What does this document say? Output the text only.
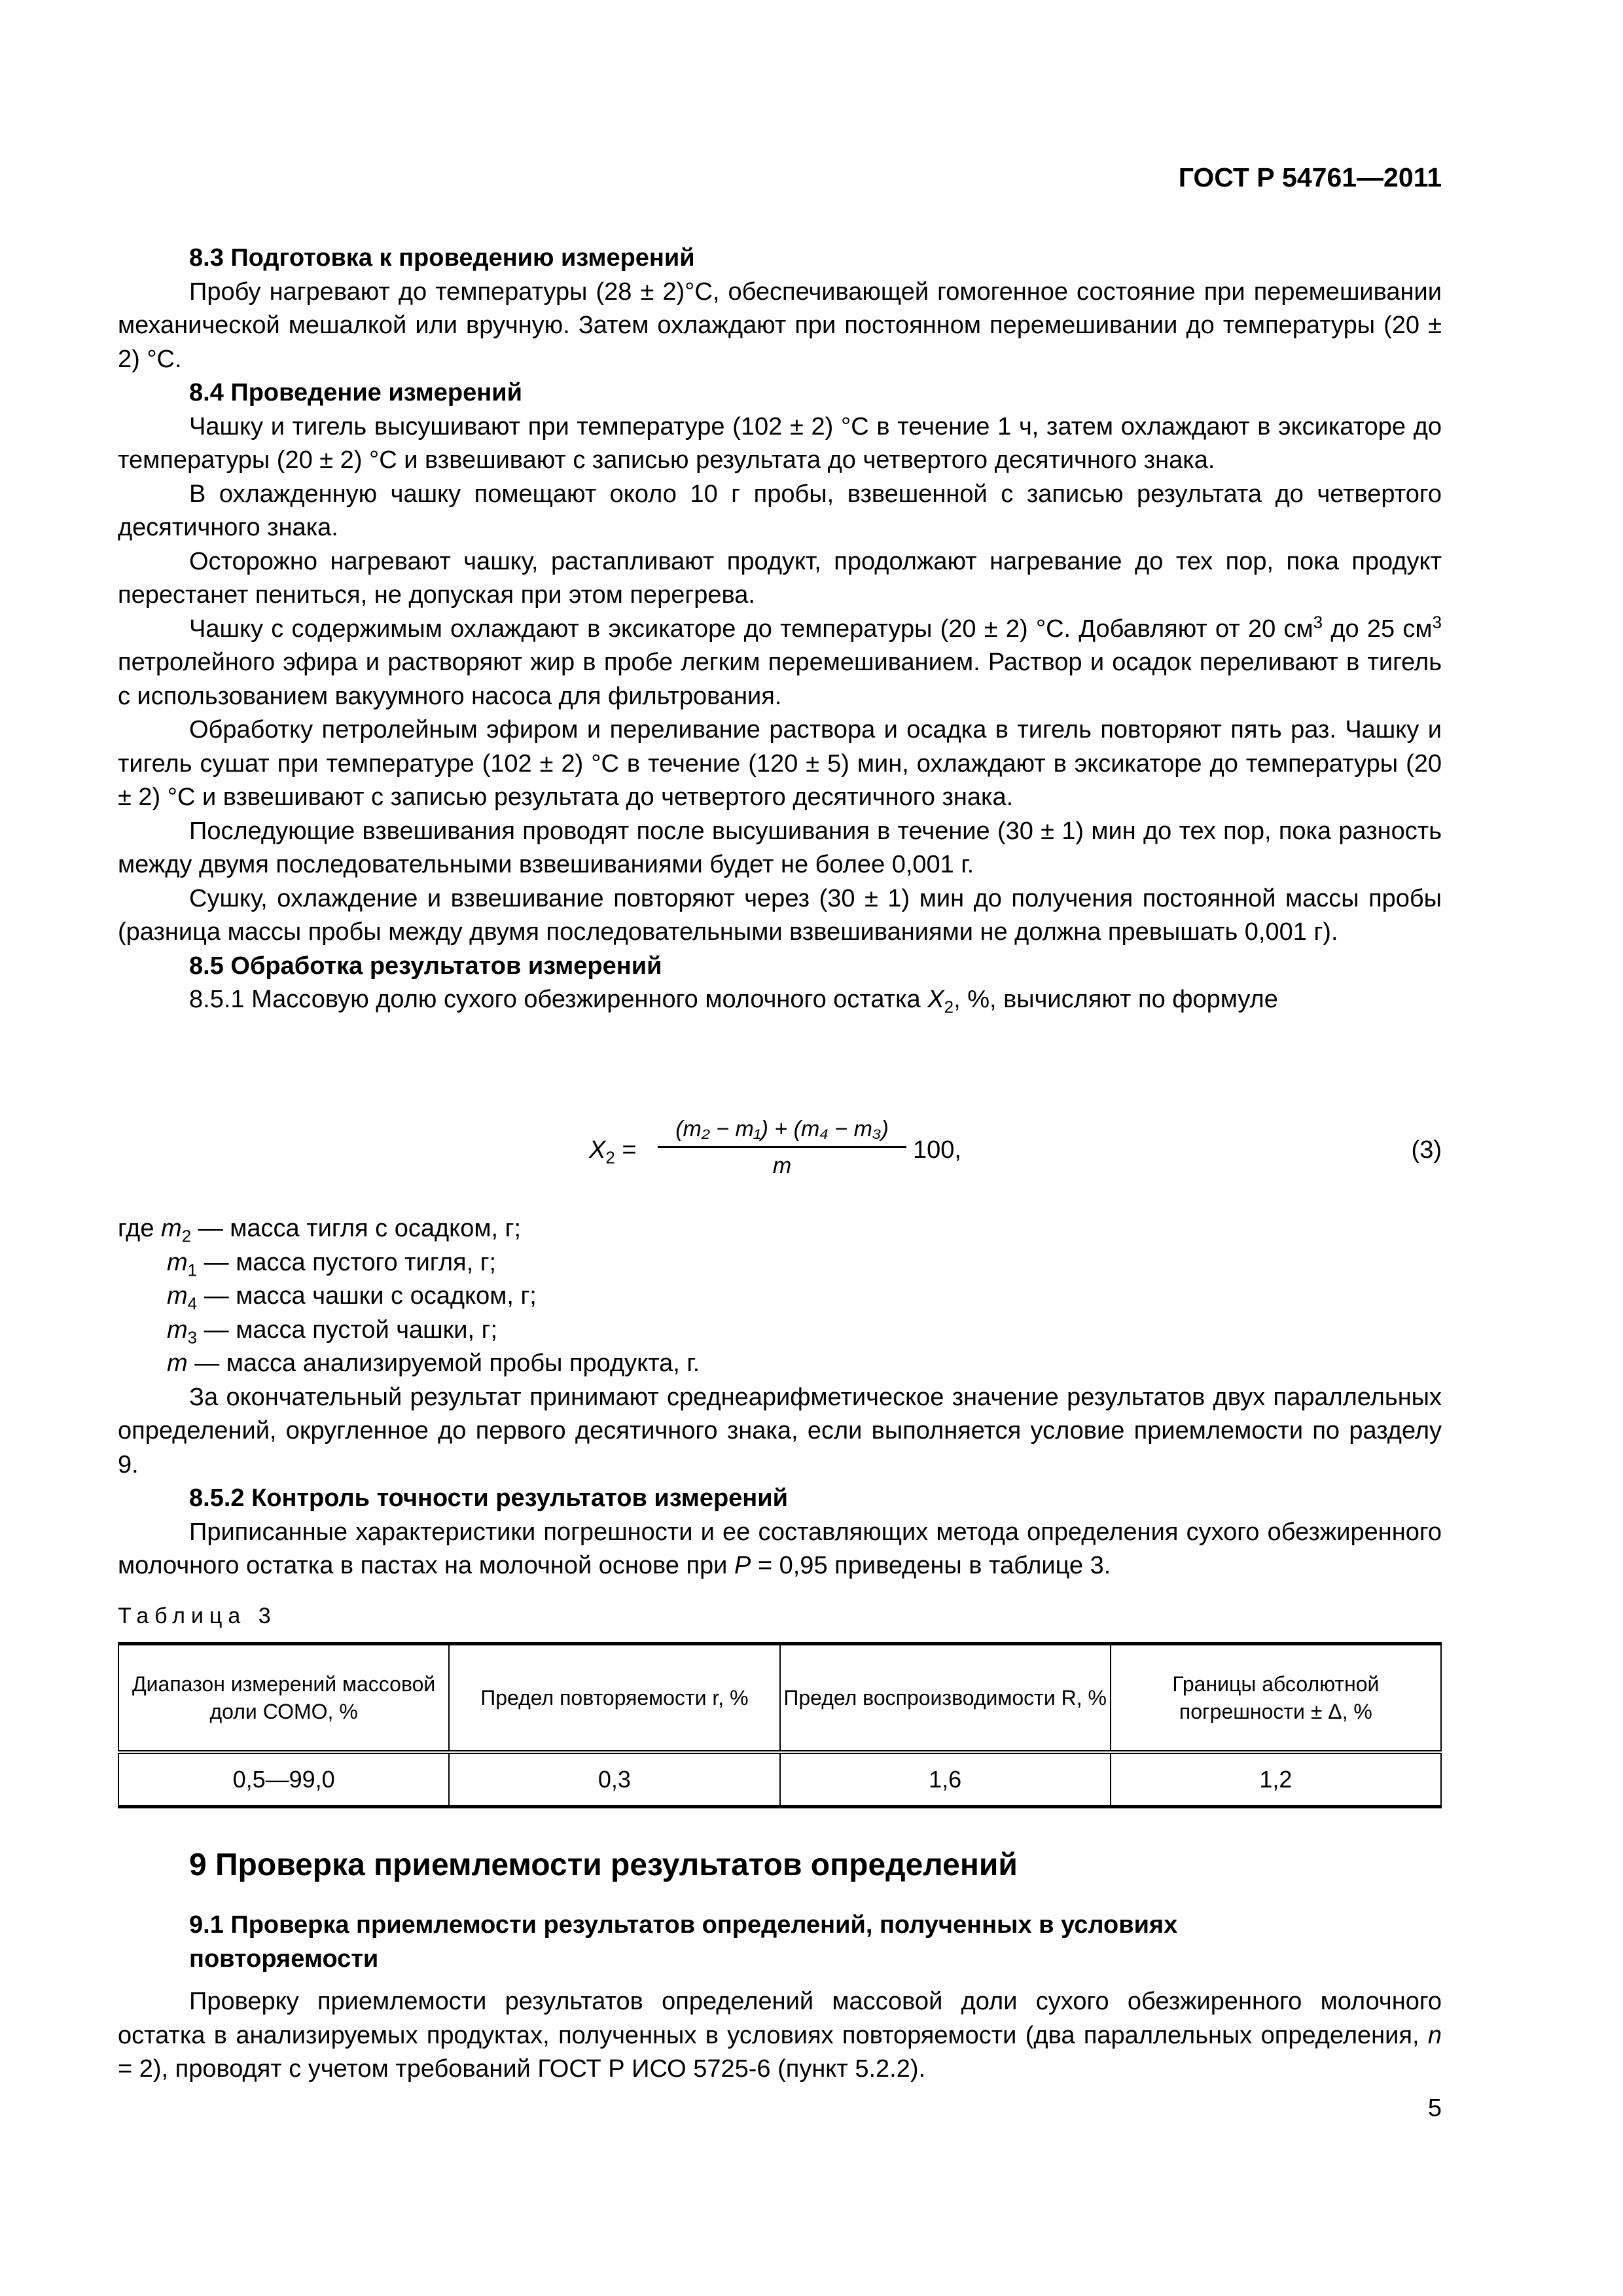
ГОСТ Р 54761—2011

8.3 Подготовка к проведению измерений

Пробу нагревают до температуры (28 ± 2)°С, обеспечивающей гомогенное состояние при перемешивании механической мешалкой или вручную. Затем охлаждают при постоянном перемешивании до температуры (20 ± 2) °С.

8.4 Проведение измерений

Чашку и тигель высушивают при температуре (102 ± 2) °С в течение 1 ч, затем охлаждают в эксикаторе до температуры (20 ± 2) °С и взвешивают с записью результата до четвертого десятичного знака.

В охлажденную чашку помещают около 10 г пробы, взвешенной с записью результата до четвертого десятичного знака.

Осторожно нагревают чашку, растапливают продукт, продолжают нагревание до тех пор, пока продукт перестанет пениться, не допуская при этом перегрева.

Чашку с содержимым охлаждают в эксикаторе до температуры (20 ± 2) °С. Добавляют от 20 $см^3$ до 25 $см^3$ петролейного эфира и растворяют жир в пробе легким перемешиванием. Раствор и осадок переливают в тигель с использованием вакуумного насоса для фильтрования.

Обработку петролейным эфиром и переливание раствора и осадка в тигель повторяют пять раз. Чашку и тигель сушат при температуре (102 ± 2) °С в течение (120 ± 5) мин, охлаждают в эксикаторе до температуры (20 ± 2) °С и взвешивают с записью результата до четвертого десятичного знака.

Последующие взвешивания проводят после высушивания в течение (30 ± 1) мин до тех пор, пока разность между двумя последовательными взвешиваниями будет не более 0,001 г.

Сушку, охлаждение и взвешивание повторяют через (30 ± 1) мин до получения постоянной массы пробы (разница массы пробы между двумя последовательными взвешиваниями не должна превышать 0,001 г).

8.5 Обработка результатов измерений

8.5.1 Массовую долю сухого обезжиренного молочного остатка $X_2$, %, вычисляют по формуле

$X_2 = \frac{\text{(m₂ − m₁) + (m₄ − m₃)}}{m} 100$,	(3)
где $m_2$ — масса тигля с осадком, г;
$m_1$ — масса пустого тигля, г;
$m_4$ — масса чашки с осадком, г;
$m_3$ — масса пустой чашки, г;
m — масса анализируемой пробы продукта, г.

За окончательный результат принимают среднеарифметическое значение результатов двух параллельных определений, округленное до первого десятичного знака, если выполняется условие приемлемости по разделу 9.

8.5.2 Контроль точности результатов измерений

Приписанные характеристики погрешности и ее составляющих метода определения сухого обезжиренного молочного остатка в пастах на молочной основе при P = 0,95 приведены в таблице 3.

Таблица 3
Диапазон измерений массовой доли СОМО, %	Предел повторяемости r, %	Предел воспроизводимости R, %	Границы абсолютной погрешности ± Δ, %
0,5—99,0	0,3	1,6	1,2
9 Проверка приемлемости результатов определений

9.1 Проверка приемлемости результатов определений, полученных в условиях повторяемости

Проверку приемлемости результатов определений массовой доли сухого обезжиренного молочного остатка в анализируемых продуктах, полученных в условиях повторяемости (два параллельных определения, n = 2), проводят с учетом требований ГОСТ Р ИСО 5725-6 (пункт 5.2.2).

5
